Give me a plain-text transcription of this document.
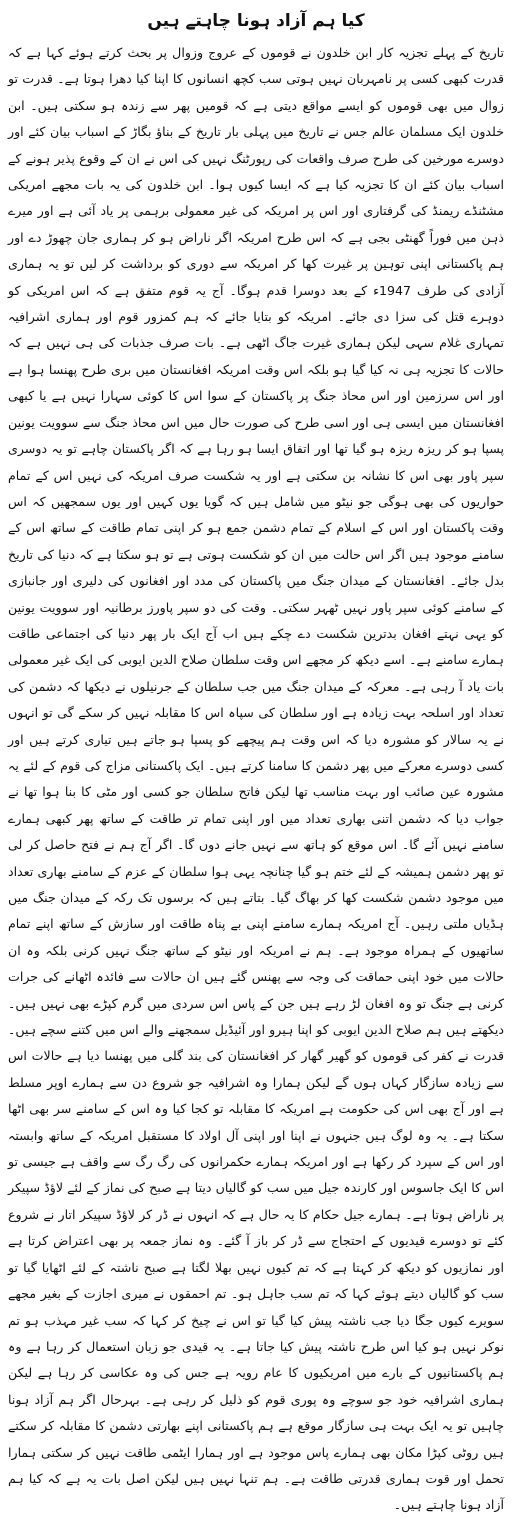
کیا ہم آزاد ہونا چاہتے ہیں

تاریخ کے پہلے تجزیہ کار ابن خلدون نے قوموں کے عروج وزوال پر بحث کرتے ہوئے کہا ہے کہ قدرت کبھی کسی پر نامہربان نہیں ہوتی سب کچھ انسانوں کا اپنا کیا دھرا ہوتا ہے۔ قدرت تو زوال میں بھی قوموں کو ایسے مواقع دیتی ہے کہ قومیں پھر سے زندہ ہو سکتی ہیں۔ ابن خلدون ایک مسلمان عالم جس نے تاریخ میں پہلی بار تاریخ کے بناؤ بگاڑ کے اسباب بیان کئے اور دوسرے مورخین کی طرح صرف واقعات کی رپورٹنگ نہیں کی اس نے ان کے وقوع پذیر ہونے کے اسباب بیان کئے ان کا تجزیہ کیا ہے کہ ایسا کیوں ہوا۔ ابن خلدون کی یہ بات مجھے امریکی مشٹنڈے ریمنڈ کی گرفتاری اور اس پر امریکہ کی غیر معمولی برہمی پر یاد آئی ہے اور میرے ذہن میں فوراً گھنٹی بجی ہے کہ اس طرح امریکہ اگر ناراض ہو کر ہماری جان چھوڑ دے اور ہم پاکستانی اپنی توہین پر غیرت کھا کر امریکہ سے دوری کو برداشت کر لیں تو یہ ہماری آزادی کی طرف 1947ء کے بعد دوسرا قدم ہوگا۔ آج یہ قوم متفق ہے کہ اس امریکی کو دوہرے قتل کی سزا دی جائے۔ امریکہ کو بتایا جائے کہ ہم کمزور قوم اور ہماری اشرافیہ تمہاری غلام سہی لیکن ہماری غیرت جاگ اٹھی ہے۔ بات صرف جذبات کی ہی نہیں ہے کہ حالات کا تجزیہ ہی نہ کیا گیا ہو بلکہ اس وقت امریکہ افغانستان میں بری طرح پھنسا ہوا ہے اور اس سرزمین اور اس محاذ جنگ پر پاکستان کے سوا اس کا کوئی سہارا نہیں ہے یا کبھی افغانستان میں ایسی ہی اور اسی طرح کی صورت حال میں اس محاذ جنگ سے سوویت یونین پسپا ہو کر ریزہ ریزہ ہو گیا تھا اور اتفاق ایسا ہو رہا ہے کہ اگر پاکستان چاہے تو یہ دوسری سپر پاور بھی اس کا نشانہ بن سکتی ہے اور یہ شکست صرف امریکہ کی نہیں اس کے تمام حواریوں کی بھی ہوگی جو نیٹو میں شامل ہیں کہ گویا یوں کہیں اور یوں سمجھیں کہ اس وقت پاکستان اور اس کے اسلام کے تمام دشمن جمع ہو کر اپنی تمام طاقت کے ساتھ اس کے سامنے موجود ہیں اگر اس حالت میں ان کو شکست ہوتی ہے تو ہو سکتا ہے کہ دنیا کی تاریخ بدل جائے۔ افغانستان کے میدان جنگ میں پاکستان کی مدد اور افغانوں کی دلیری اور جانبازی کے سامنے کوئی سپر پاور نہیں ٹھہر سکتی۔ وقت کی دو سپر پاورز برطانیہ اور سوویت یونین کو یہی نہتے افغان بدترین شکست دے چکے ہیں اب آج ایک بار پھر دنیا کی اجتماعی طاقت ہمارے سامنے ہے۔ اسے دیکھ کر مجھے اس وقت سلطان صلاح الدین ایوبی کی ایک غیر معمولی بات یاد آ رہی ہے۔ معرکہ کے میدان جنگ میں جب سلطان کے جرنیلوں نے دیکھا کہ دشمن کی تعداد اور اسلحہ بہت زیادہ ہے اور سلطان کی سپاہ اس کا مقابلہ نہیں کر سکے گی تو انہوں نے یہ سالار کو مشورہ دیا کہ اس وقت ہم پیچھے کو پسپا ہو جاتے ہیں تیاری کرتے ہیں اور کسی دوسرے معرکے میں پھر دشمن کا سامنا کرتے ہیں۔ ایک پاکستانی مزاج کی قوم کے لئے یہ مشورہ عین صائب اور بہت مناسب تھا لیکن فاتح سلطان جو کسی اور مٹی کا بنا ہوا تھا نے جواب دیا کہ دشمن اتنی بھاری تعداد میں اور اپنی تمام تر طاقت کے ساتھ پھر کبھی ہمارے سامنے نہیں آئے گا۔ اس موقع کو ہاتھ سے نہیں جانے دوں گا۔ اگر آج ہم نے فتح حاصل کر لی تو پھر دشمن ہمیشہ کے لئے ختم ہو گیا چنانچہ یہی ہوا سلطان کے عزم کے سامنے بھاری تعداد میں موجود دشمن شکست کھا کر بھاگ گیا۔ بتاتے ہیں کہ برسوں تک رکہ کے میدان جنگ میں ہڈیاں ملتی رہیں۔ آج امریکہ ہمارے سامنے اپنی بے پناہ طاقت اور سازش کے ساتھ اپنے تمام ساتھیوں کے ہمراہ موجود ہے۔ ہم نے امریکہ اور نیٹو کے ساتھ جنگ نہیں کرنی بلکہ وہ ان حالات میں خود اپنی حماقت کی وجہ سے پھنس گئے ہیں ان حالات سے فائدہ اٹھانے کی جرات کرنی ہے جنگ تو وہ افغان لڑ رہے ہیں جن کے پاس اس سردی میں گرم کپڑے بھی نہیں ہیں۔ دیکھتے ہیں ہم صلاح الدین ایوبی کو اپنا ہیرو اور آئیڈیل سمجھنے والے اس میں کتنے سچے ہیں۔ قدرت نے کفر کی قوموں کو گھیر گھار کر افغانستان کی بند گلی میں پھنسا دیا ہے حالات اس سے زیادہ سازگار کہاں ہوں گے لیکن ہمارا وہ اشرافیہ جو شروع دن سے ہمارے اوپر مسلط ہے اور آج بھی اس کی حکومت ہے امریکہ کا مقابلہ تو کجا کیا وہ اس کے سامنے سر بھی اٹھا سکتا ہے۔ یہ وہ لوگ ہیں جنہوں نے اپنا اور اپنی آل اولاد کا مستقبل امریکہ کے ساتھ وابستہ اور اس کے سپرد کر رکھا ہے اور امریکہ ہمارے حکمرانوں کی رگ رگ سے واقف ہے جیسی تو اس کا ایک جاسوس اور کارندہ جیل میں سب کو گالیاں دیتا ہے صبح کی نماز کے لئے لاؤڈ سپیکر پر ناراض ہوتا ہے۔ ہمارے جیل حکام کا یہ حال ہے کہ انہوں نے ڈر کر لاؤڈ سپیکر اتار نے شروع کئے تو دوسرے قیدیوں کے احتجاج سے ڈر کر باز آ گئے۔ وہ نماز جمعہ پر بھی اعتراض کرتا ہے اور نمازیوں کو دیکھ کر کہتا ہے کہ تم کیوں نہیں بھلا لگتا ہے صبح ناشتہ کے لئے اٹھایا گیا تو سب کو گالیاں دیتے ہوئے کہا کہ تم سب جاہل ہو۔ تم احمقوں نے میری اجازت کے بغیر مجھے سویرے کیوں جگا دیا جب ناشتہ پیش کیا گیا تو اس نے چیخ کر کہا کہ سب غیر مہذب ہو تم نوکر نہیں ہو کیا اس طرح ناشتہ پیش کیا جاتا ہے۔ یہ قیدی جو زبان استعمال کر رہا ہے وہ ہم پاکستانیوں کے بارے میں امریکیوں کا عام رویہ ہے جس کی وہ عکاسی کر رہا ہے لیکن ہماری اشرافیہ خود جو سوچے وہ پوری قوم کو ذلیل کر رہی ہے۔ بہرحال اگر ہم آزاد ہونا چاہیں تو یہ ایک بہت ہی سازگار موقع ہے ہم پاکستانی اپنے بھارتی دشمن کا مقابلہ کر سکتے ہیں روٹی کپڑا مکان بھی ہمارے پاس موجود ہے اور ہمارا ایٹمی طاقت نہیں کر سکتی ہمارا تحمل اور قوت ہماری قدرتی طاقت ہے۔ ہم تنہا نہیں ہیں لیکن اصل بات یہ ہے کہ کیا ہم آزاد ہونا چاہتے ہیں۔
